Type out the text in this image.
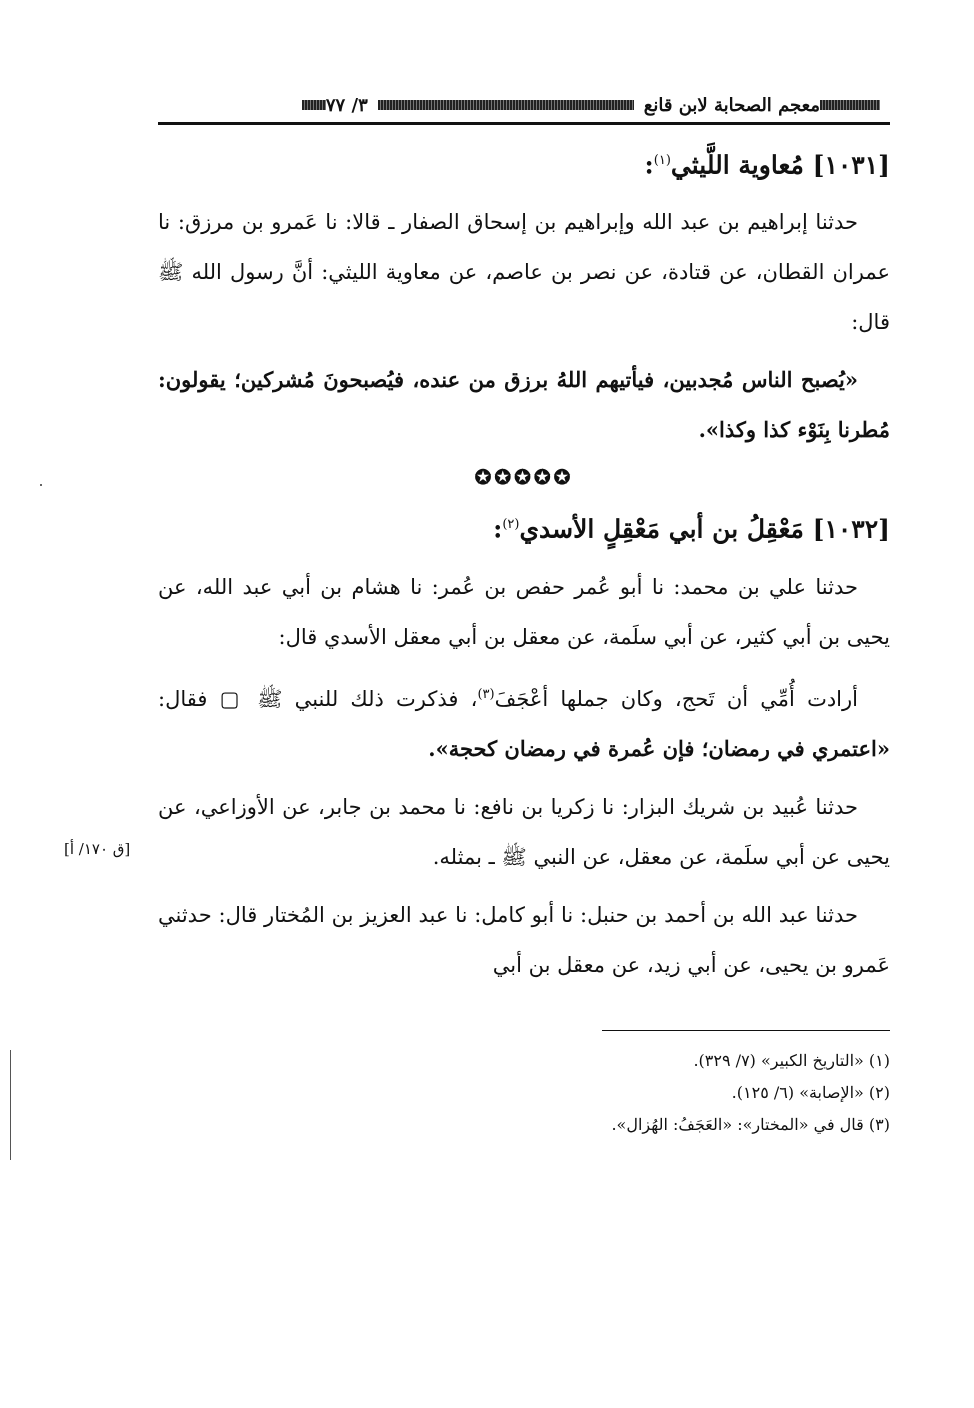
معجم الصحابة لابن قانع
٣/ ٧٧
[١٠٣١] مُعاوية اللَّيثي$^{(١)}$:

حدثنا إبراهيم بن عبد الله وإبراهيم بن إسحاق الصفار ـ قالا: نا عَمرو بن مرزق: نا عمران القطان، عن قتادة، عن نصر بن عاصم، عن معاوية الليثي: أنَّ رسول الله ﷺ قال:

«يُصبح الناس مُجدبين، فيأتيهم اللهُ برزق من عنده، فيُصبحونَ مُشركين؛ يقولون: مُطرنا بِنَوْء كذا وكذا».

✪✪✪✪✪
[١٠٣٢] مَعْقِلُ بن أبي مَعْقِلٍ الأسدي$^{(٢)}$:

حدثنا علي بن محمد: نا أبو عُمر حفص بن عُمر: نا هشام بن أبي عبد الله، عن يحيى بن أبي كثير، عن أبي سلَمة، عن معقل بن أبي معقل الأسدي قال:

أرادت أُمِّي أن تَحج، وكان جملها أعْجَفَ$^{(٣)}$، فذكرت ذلك للنبي ﷺ ▢ فقال: «اعتمري في رمضان؛ فإن عُمرة في رمضان كحجة».

حدثنا عُبيد بن شريك البزار: نا زكريا بن نافع: نا محمد بن جابر، عن الأوزاعي، عن يحيى عن أبي سلَمة، عن معقل، عن النبي ﷺ ـ بمثله.

حدثنا عبد الله بن أحمد بن حنبل: نا أبو كامل: نا عبد العزيز بن المُختار قال: حدثني عَمرو بن يحيى، عن أبي زيد، عن معقل بن أبي

(١) «التاريخ الكبير» (٧/ ٣٢٩).

(٢) «الإصابة» (٦/ ١٢٥).

(٣) قال في «المختار»: «العَجَفُ: الهُزال».

[ق ١٧٠/ أ]
